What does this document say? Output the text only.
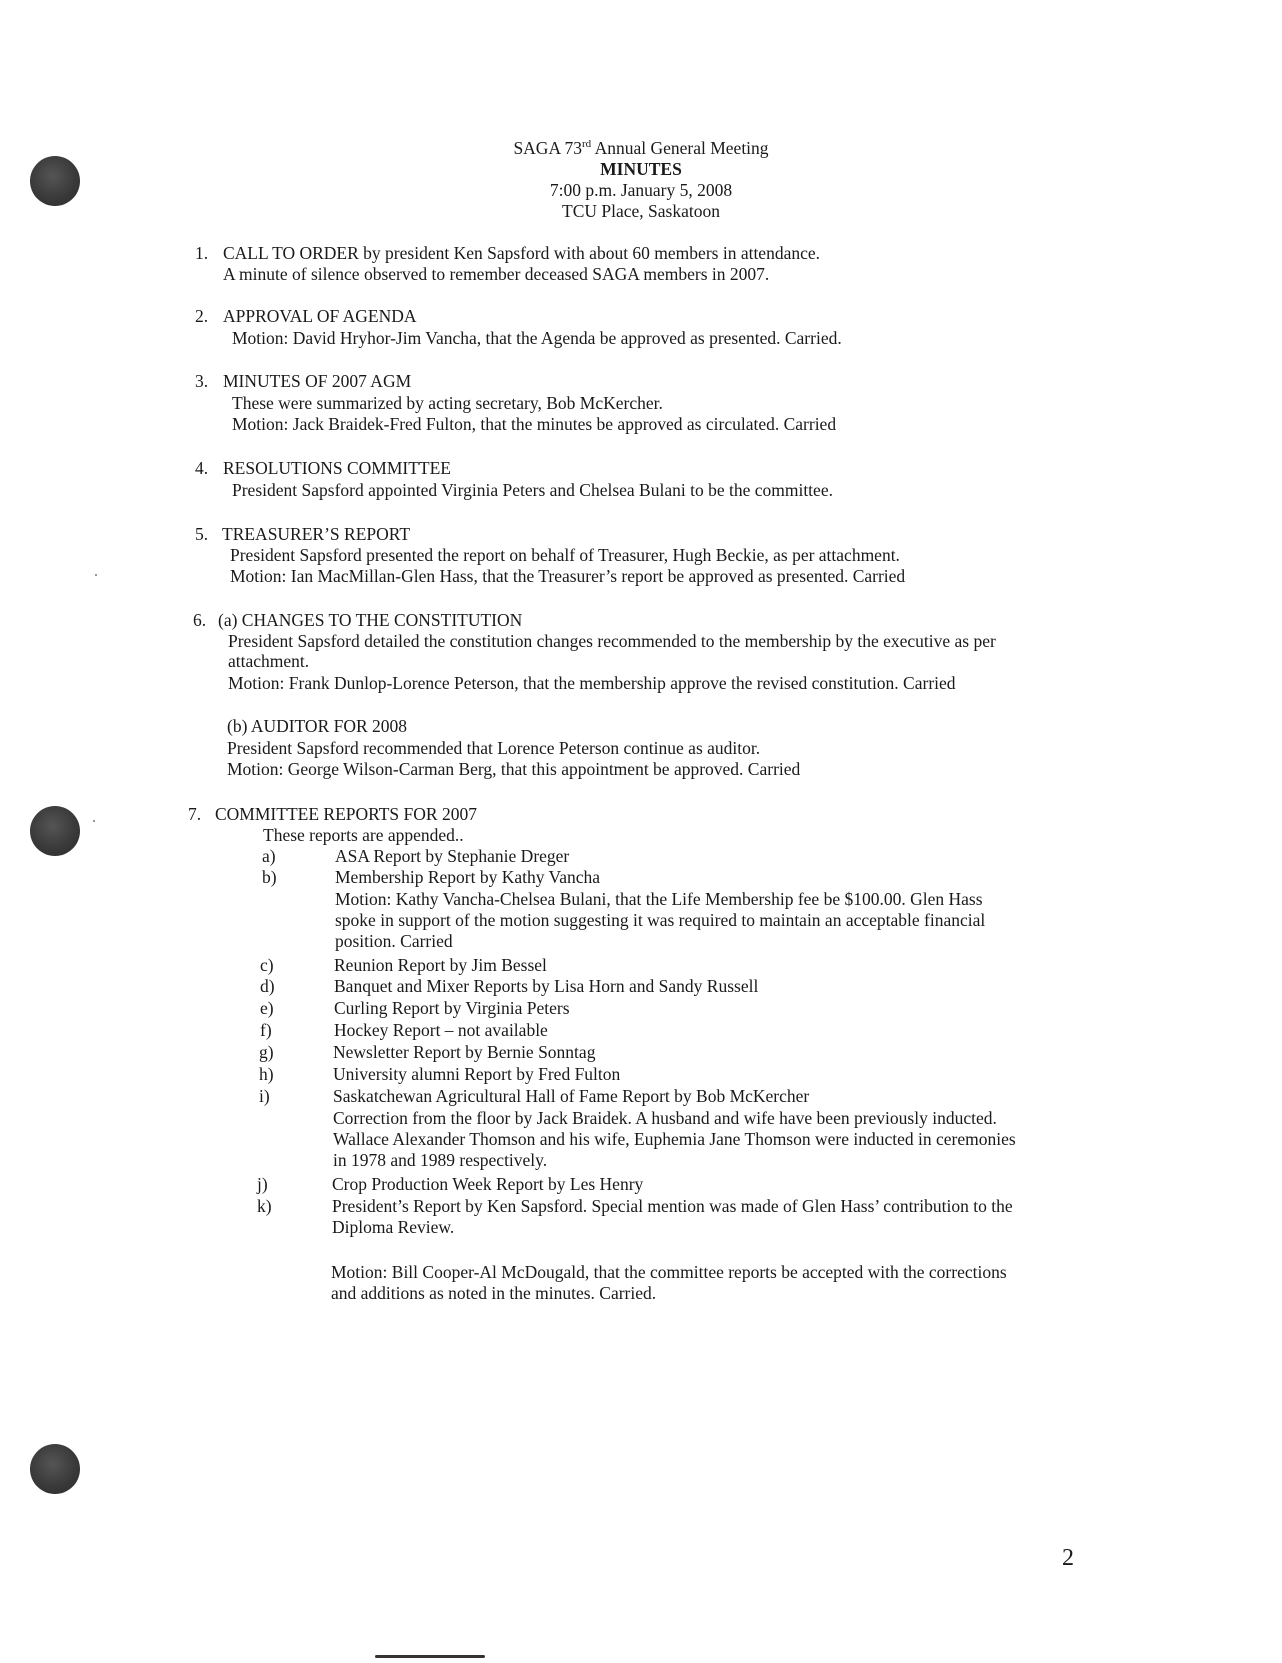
SAGA 73rd Annual General Meeting
MINUTES
7:00 p.m. January 5, 2008
TCU Place, Saskatoon
1. CALL TO ORDER by president Ken Sapsford with about 60 members in attendance.
A minute of silence observed to remember deceased SAGA members in 2007.
2. APPROVAL OF AGENDA
Motion: David Hryhor-Jim Vancha, that the Agenda be approved as presented. Carried.
3. MINUTES OF 2007 AGM
These were summarized by acting secretary, Bob McKercher.
Motion: Jack Braidek-Fred Fulton, that the minutes be approved as circulated. Carried
4. RESOLUTIONS COMMITTEE
President Sapsford appointed Virginia Peters and Chelsea Bulani to be the committee.
5. TREASURER’S REPORT
President Sapsford presented the report on behalf of Treasurer, Hugh Beckie, as per attachment.
Motion: Ian MacMillan-Glen Hass, that the Treasurer’s report be approved as presented. Carried
6. (a) CHANGES TO THE CONSTITUTION
President Sapsford detailed the constitution changes recommended to the membership by the executive as per
attachment.
Motion: Frank Dunlop-Lorence Peterson, that the membership approve the revised constitution. Carried
(b) AUDITOR FOR 2008
President Sapsford recommended that Lorence Peterson continue as auditor.
Motion: George Wilson-Carman Berg, that this appointment be approved. Carried
7. COMMITTEE REPORTS FOR 2007
These reports are appended..
a)	ASA Report by Stephanie Dreger
b)	Membership Report by Kathy Vancha
Motion: Kathy Vancha-Chelsea Bulani, that the Life Membership fee be $100.00. Glen Hass
spoke in support of the motion suggesting it was required to maintain an acceptable financial
position. Carried
c)	Reunion Report by Jim Bessel
d)	Banquet and Mixer Reports by Lisa Horn and Sandy Russell
e)	Curling Report by Virginia Peters
f)	Hockey Report – not available
g)	Newsletter Report by Bernie Sonntag
h)	University alumni Report by Fred Fulton
i)	Saskatchewan Agricultural Hall of Fame Report by Bob McKercher
Correction from the floor by Jack Braidek. A husband and wife have been previously inducted.
Wallace Alexander Thomson and his wife, Euphemia Jane Thomson were inducted in ceremonies
in 1978 and 1989 respectively.
j)	Crop Production Week Report by Les Henry
k)	President’s Report by Ken Sapsford. Special mention was made of Glen Hass’ contribution to the
Diploma Review.
Motion: Bill Cooper-Al McDougald, that the committee reports be accepted with the corrections
and additions as noted in the minutes. Carried.
2
